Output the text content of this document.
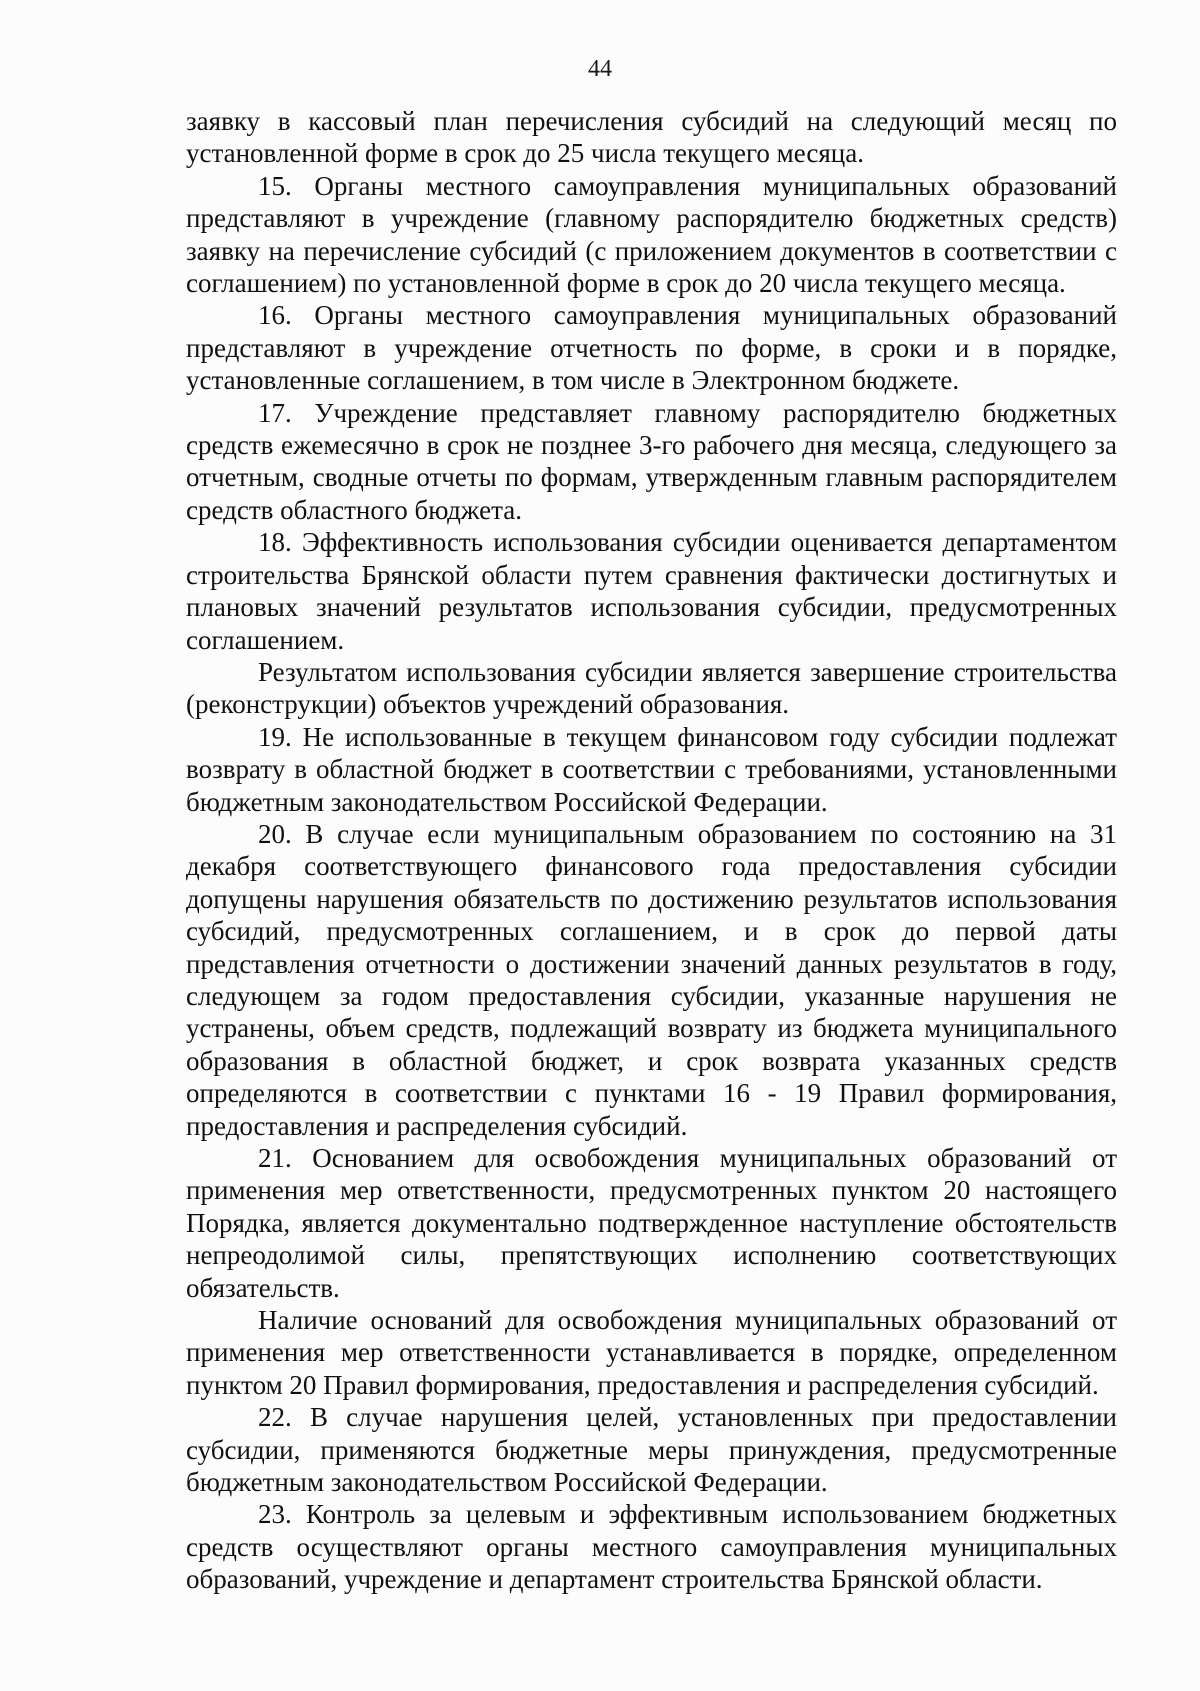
44

заявку в кассовый план перечисления субсидий на следующий месяц по установленной форме в срок до 25 числа текущего месяца.

15. Органы местного самоуправления муниципальных образований представляют в учреждение (главному распорядителю бюджетных средств) заявку на перечисление субсидий (с приложением документов в соответствии с соглашением) по установленной форме в срок до 20 числа текущего месяца.

16. Органы местного самоуправления муниципальных образований представляют в учреждение отчетность по форме, в сроки и в порядке, установленные соглашением, в том числе в Электронном бюджете.

17. Учреждение представляет главному распорядителю бюджетных средств ежемесячно в срок не позднее 3-го рабочего дня месяца, следующего за отчетным, сводные отчеты по формам, утвержденным главным распорядителем средств областного бюджета.

18. Эффективность использования субсидии оценивается департаментом строительства Брянской области путем сравнения фактически достигнутых и плановых значений результатов использования субсидии, предусмотренных соглашением.

Результатом использования субсидии является завершение строительства (реконструкции) объектов учреждений образования.

19. Не использованные в текущем финансовом году субсидии подлежат возврату в областной бюджет в соответствии с требованиями, установленными бюджетным законодательством Российской Федерации.

20. В случае если муниципальным образованием по состоянию на 31 декабря соответствующего финансового года предоставления субсидии допущены нарушения обязательств по достижению результатов использования субсидий, предусмотренных соглашением, и в срок до первой даты представления отчетности о достижении значений данных результатов в году, следующем за годом предоставления субсидии, указанные нарушения не устранены, объем средств, подлежащий возврату из бюджета муниципального образования в областной бюджет, и срок возврата указанных средств определяются в соответствии с пунктами 16 - 19 Правил формирования, предоставления и распределения субсидий.

21. Основанием для освобождения муниципальных образований от применения мер ответственности, предусмотренных пунктом 20 настоящего Порядка, является документально подтвержденное наступление обстоятельств непреодолимой силы, препятствующих исполнению соответствующих обязательств.

Наличие оснований для освобождения муниципальных образований от применения мер ответственности устанавливается в порядке, определенном пунктом 20 Правил формирования, предоставления и распределения субсидий.

22. В случае нарушения целей, установленных при предоставлении субсидии, применяются бюджетные меры принуждения, предусмотренные бюджетным законодательством Российской Федерации.

23. Контроль за целевым и эффективным использованием бюджетных средств осуществляют органы местного самоуправления муниципальных образований, учреждение и департамент строительства Брянской области.
